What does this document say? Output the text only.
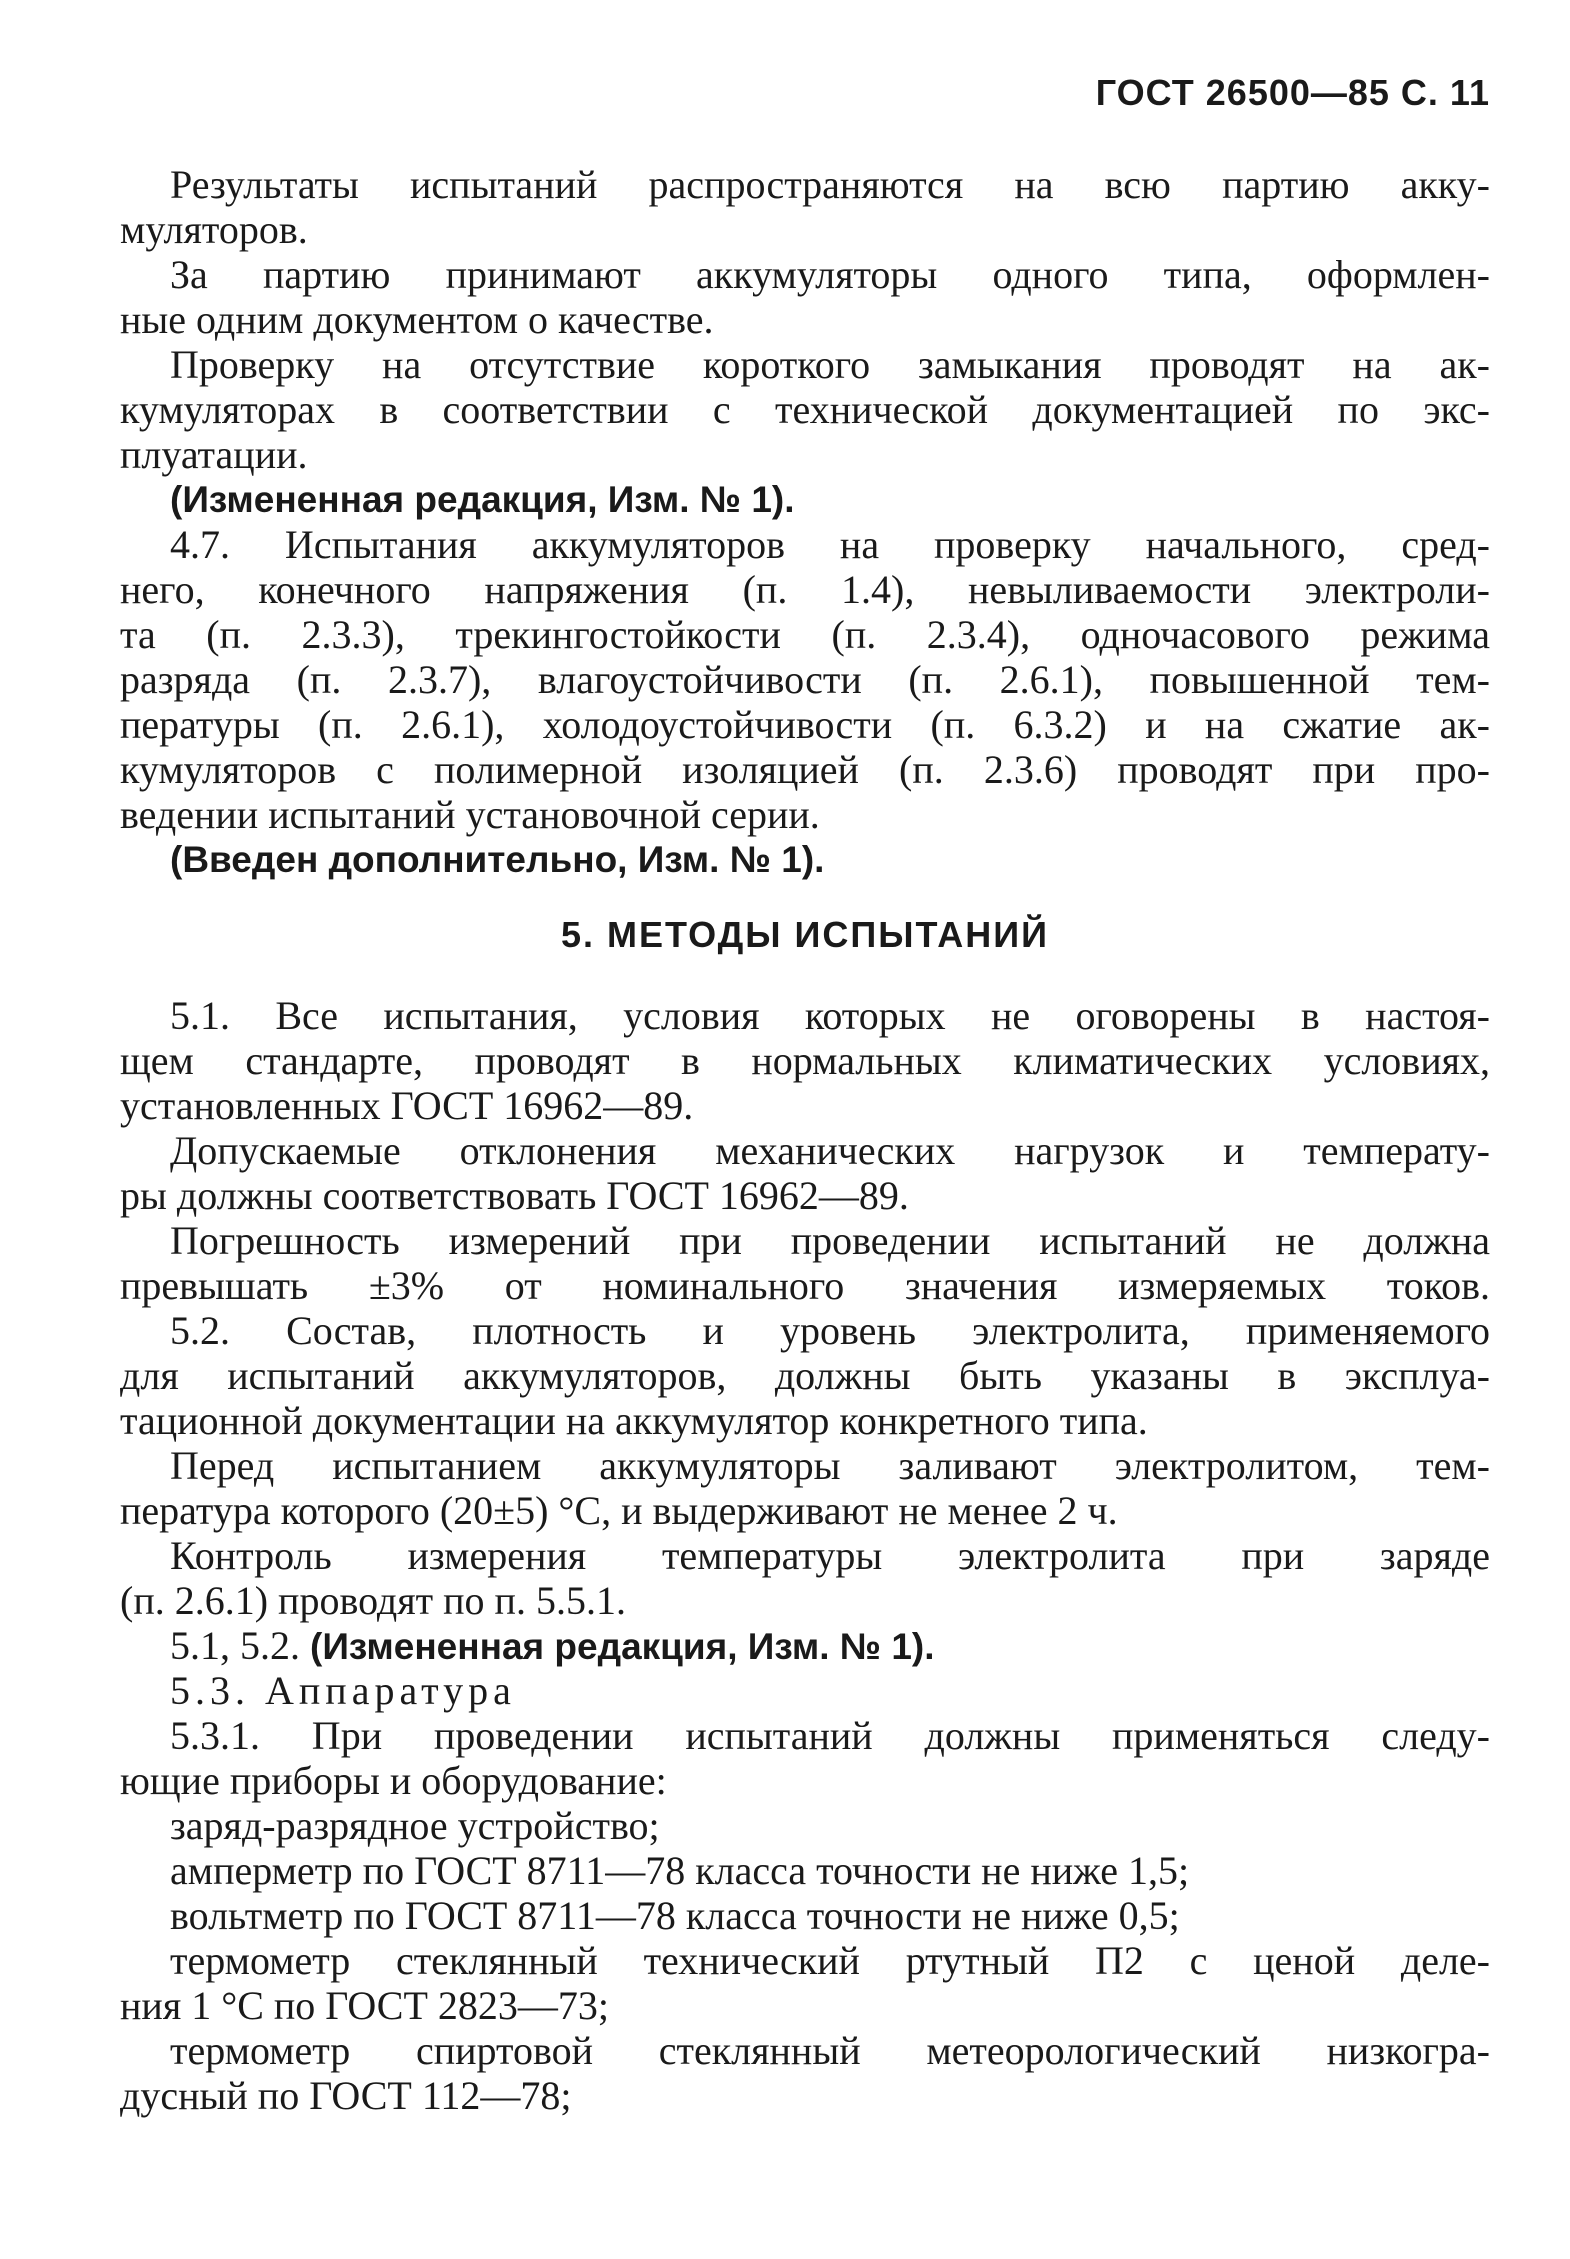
ГОСТ 26500—85 С. 11
Результаты испытаний распространяются на всю партию акку-
муляторов.
За партию принимают аккумуляторы одного типа, оформлен-
ные одним документом о качестве.
Проверку на отсутствие короткого замыкания проводят на ак-
кумуляторах в соответствии с технической документацией по экс-
плуатации.
(Измененная редакция, Изм. № 1).
4.7. Испытания аккумуляторов на проверку начального, сред-
него, конечного напряжения (п. 1.4), невыливаемости электроли-
та (п. 2.3.3), трекингостойкости (п. 2.3.4), одночасового режима
разряда (п. 2.3.7), влагоустойчивости (п. 2.6.1), повышенной тем-
пературы (п. 2.6.1), холодоустойчивости (п. 6.3.2) и на сжатие ак-
кумуляторов с полимерной изоляцией (п. 2.3.6) проводят при про-
ведении испытаний установочной серии.
(Введен дополнительно, Изм. № 1).
5. МЕТОДЫ ИСПЫТАНИЙ
5.1. Все испытания, условия которых не оговорены в настоя-
щем стандарте, проводят в нормальных климатических условиях,
установленных ГОСТ 16962—89.
Допускаемые отклонения механических нагрузок и температу-
ры должны соответствовать ГОСТ 16962—89.
Погрешность измерений при проведении испытаний не должна
превышать ±3% от номинального значения измеряемых токов.
5.2. Состав, плотность и уровень электролита, применяемого
для испытаний аккумуляторов, должны быть указаны в эксплуа-
тационной документации на аккумулятор конкретного типа.
Перед испытанием аккумуляторы заливают электролитом, тем-
пература которого (20±5) °С, и выдерживают не менее 2 ч.
Контроль измерения температуры электролита при заряде
(п. 2.6.1) проводят по п. 5.5.1.
5.1, 5.2. (Измененная редакция, Изм. № 1).
5.3. Аппаратура
5.3.1. При проведении испытаний должны применяться следу-
ющие приборы и оборудование:
заряд-разрядное устройство;
амперметр по ГОСТ 8711—78 класса точности не ниже 1,5;
вольтметр по ГОСТ 8711—78 класса точности не ниже 0,5;
термометр стеклянный технический ртутный П2 с ценой деле-
ния 1 °С по ГОСТ 2823—73;
термометр спиртовой стеклянный метеорологический низкогра-
дусный по ГОСТ 112—78;
